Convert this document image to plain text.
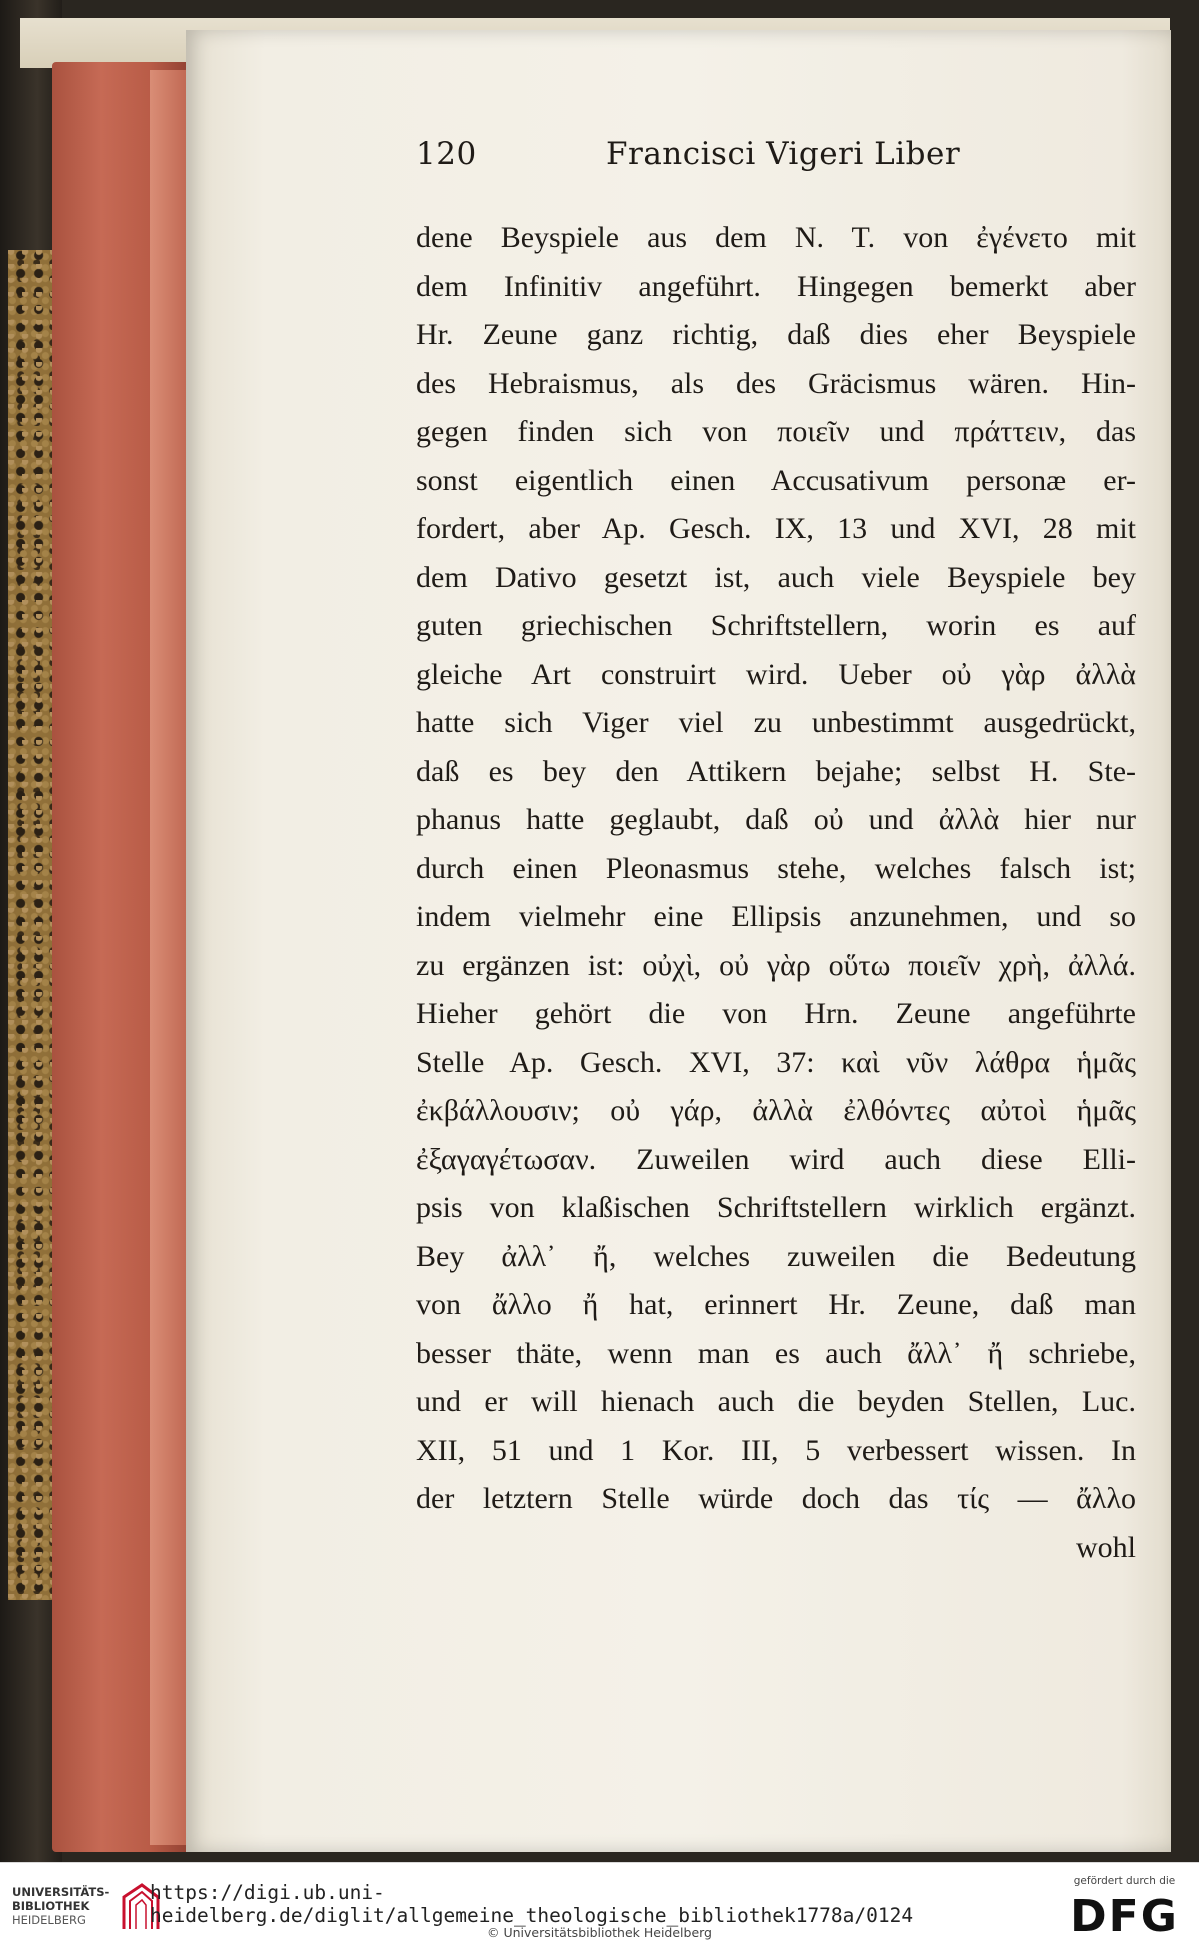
120	Francisci Vigeri Liber
dene Beyspiele aus dem N. T. von ἐγένετο mit
dem Infinitiv angeführt. Hingegen bemerkt aber
Hr. Zeune ganz richtig, daß dies eher Beyspiele
des Hebraismus, als des Gräcismus wären. Hin-
gegen finden sich von ποιεῖν und πράττειν, das
sonst eigentlich einen Accusativum personæ er-
fordert, aber Ap. Gesch. IX, 13 und XVI, 28 mit
dem Dativo gesetzt ist, auch viele Beyspiele bey
guten griechischen Schriftstellern, worin es auf
gleiche Art construirt wird. Ueber οὐ γὰρ ἀλλὰ
hatte sich Viger viel zu unbestimmt ausgedrückt,
daß es bey den Attikern bejahe; selbst H. Ste-
phanus hatte geglaubt, daß οὐ und ἀλλὰ hier nur
durch einen Pleonasmus stehe, welches falsch ist;
indem vielmehr eine Ellipsis anzunehmen, und so
zu ergänzen ist: οὐχὶ, οὐ γὰρ οὕτω ποιεῖν χρὴ, ἀλλά.
Hieher gehört die von Hrn. Zeune angeführte
Stelle Ap. Gesch. XVI, 37: καὶ νῦν λάθρα ἡμᾶς
ἐκβάλλουσιν; οὐ γάρ, ἀλλὰ ἐλθόντες αὐτοὶ ἡμᾶς
ἐξαγαγέτωσαν. Zuweilen wird auch diese Elli-
psis von klaßischen Schriftstellern wirklich ergänzt.
Bey ἀλλ᾽ ἤ, welches zuweilen die Bedeutung
von ἄλλο ἤ hat, erinnert Hr. Zeune, daß man
besser thäte, wenn man es auch ἄλλ᾽ ἤ schriebe,
und er will hienach auch die beyden Stellen, Luc.
XII, 51 und 1 Kor. III, 5 verbessert wissen. In
der letztern Stelle würde doch das τίς — ἄλλο
wohl
UNIVERSITÄTS-
BIBLIOTHEK
HEIDELBERG
https://digi.ub.uni-heidelberg.de/diglit/allgemeine_theologische_bibliothek1778a/0124
© Universitätsbibliothek Heidelberg
gefördert durch die
DFG
